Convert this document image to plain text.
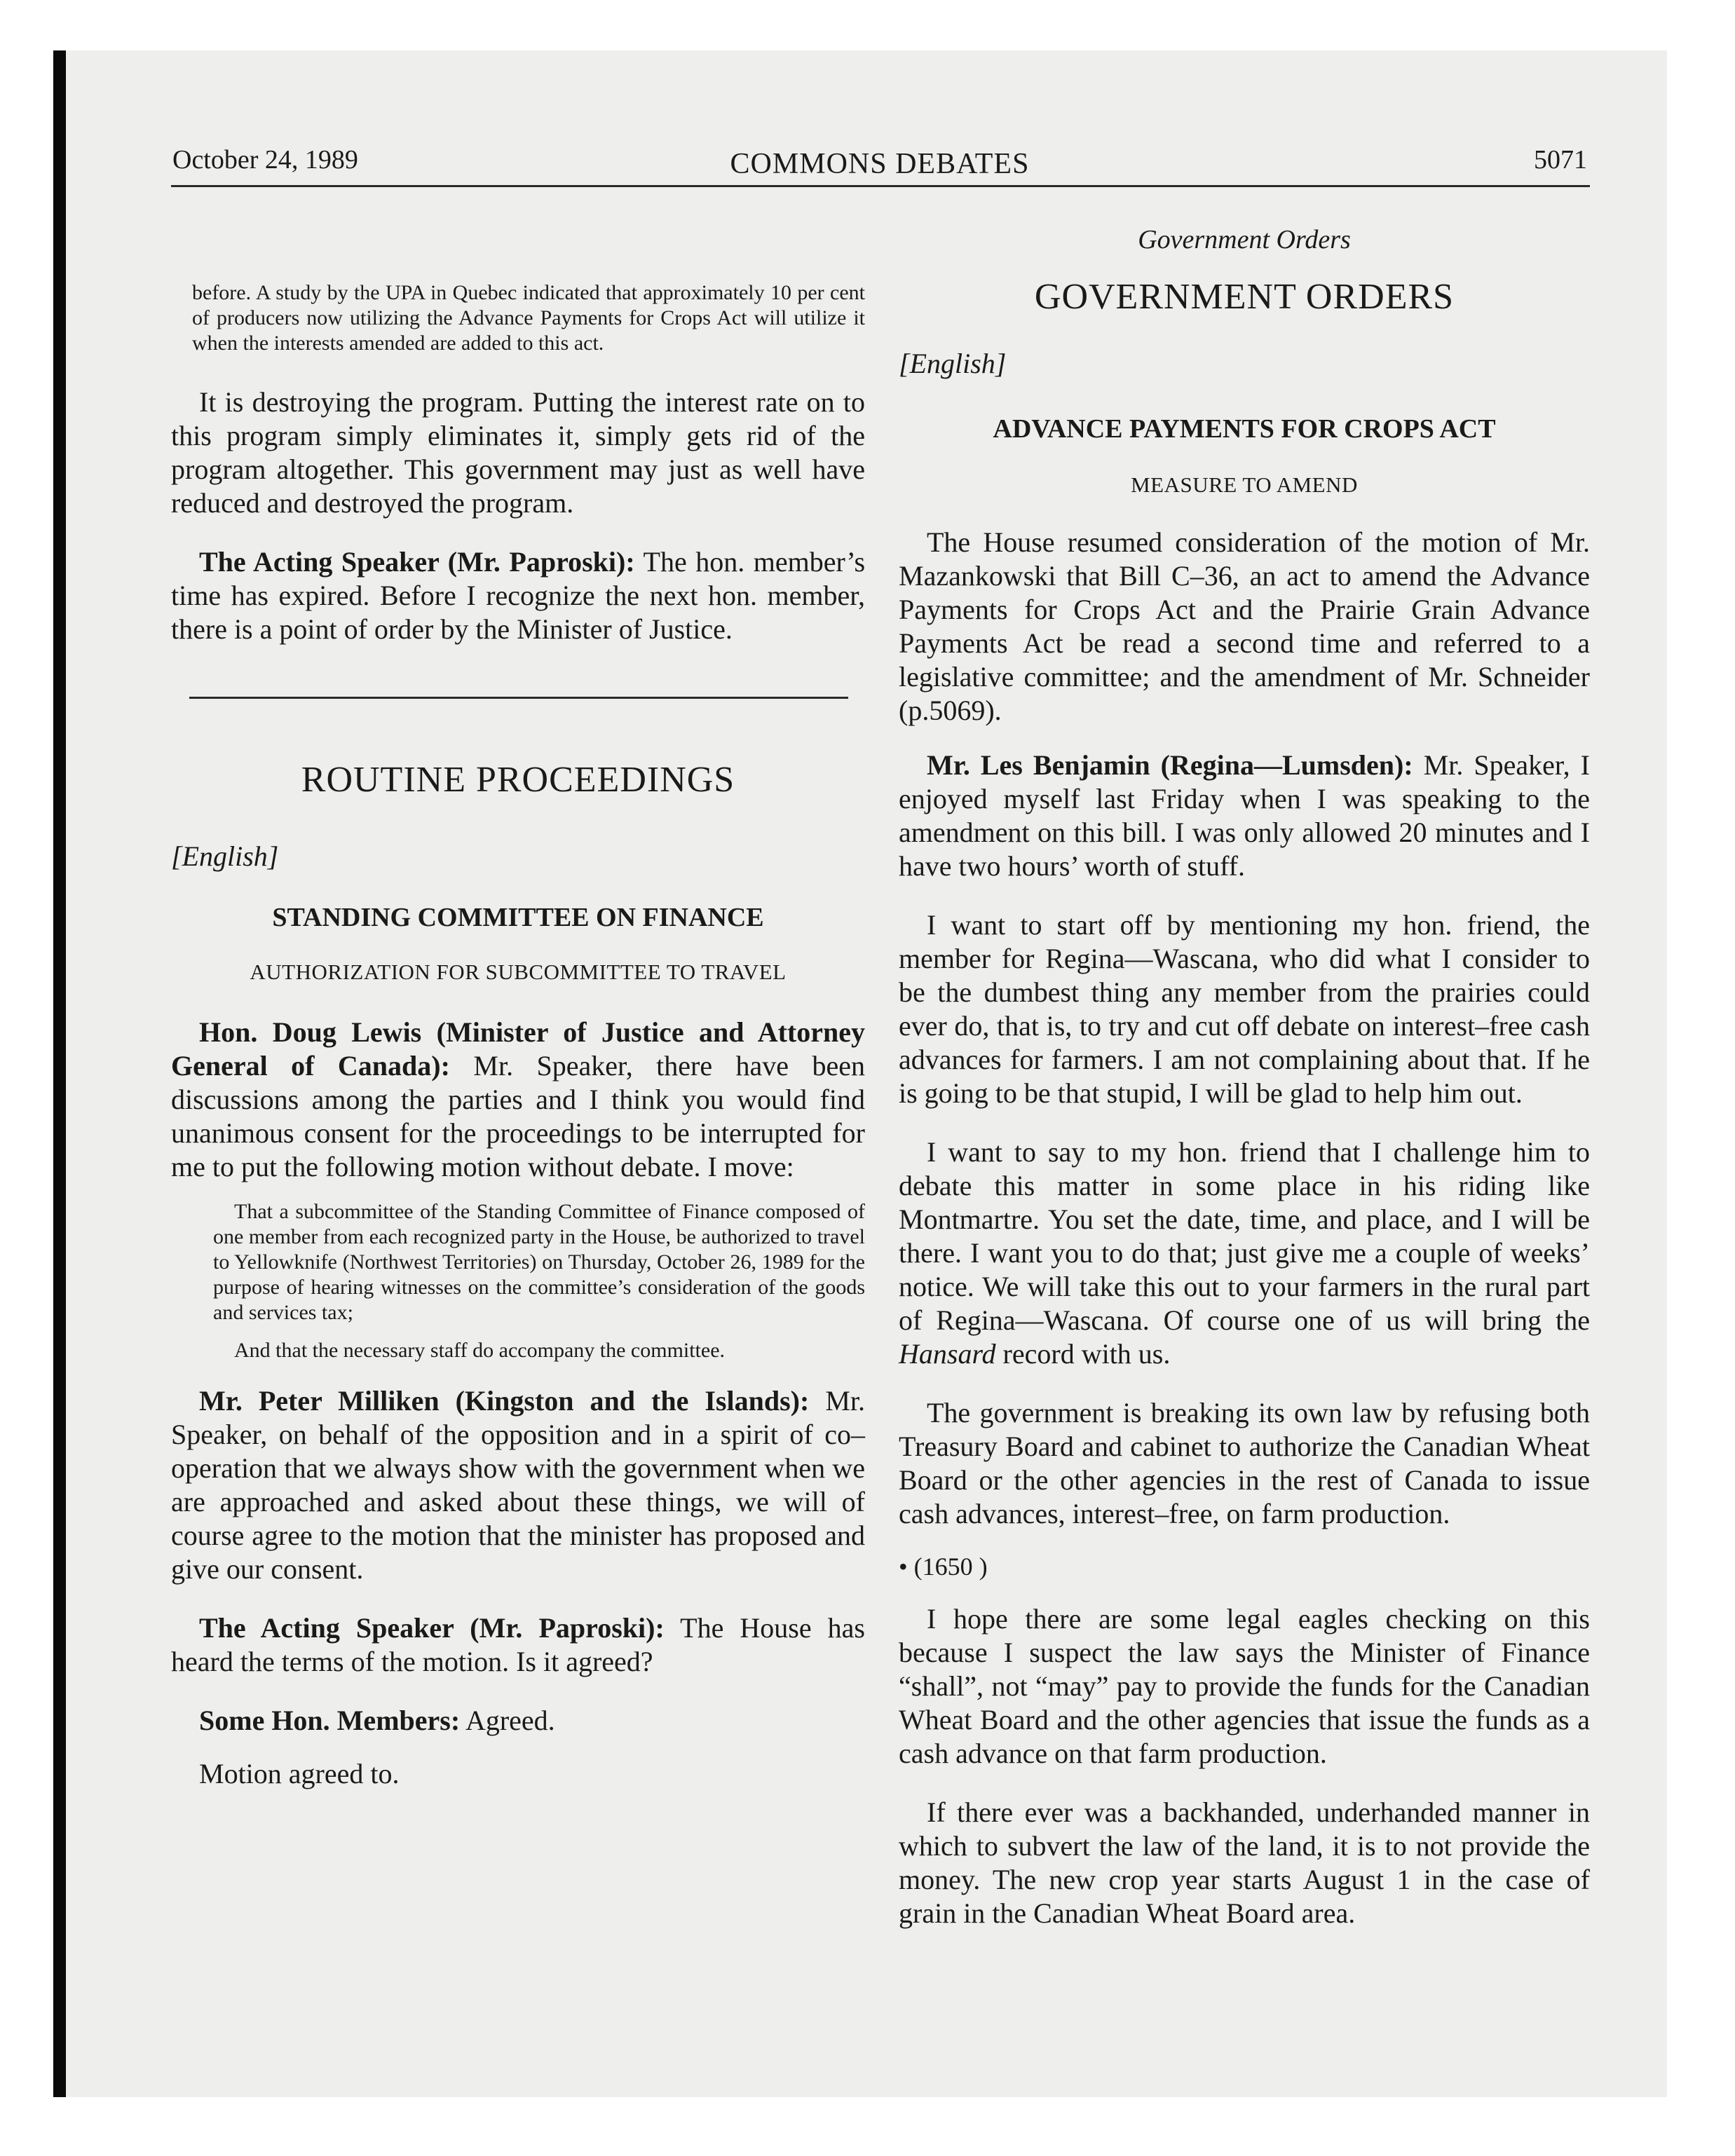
October 24, 1989	COMMONS DEBATES	5071

before. A study by the UPA in Quebec indicated that approximately 10 per cent of producers now utilizing the Advance Payments for Crops Act will utilize it when the interests amended are added to this act.

It is destroying the program. Putting the interest rate on to this program simply eliminates it, simply gets rid of the program altogether. This government may just as well have reduced and destroyed the program.

The Acting Speaker (Mr. Paproski): The hon. member’s time has expired. Before I recognize the next hon. member, there is a point of order by the Minister of Justice.

ROUTINE PROCEEDINGS

[English]

STANDING COMMITTEE ON FINANCE

AUTHORIZATION FOR SUBCOMMITTEE TO TRAVEL

Hon. Doug Lewis (Minister of Justice and Attorney General of Canada): Mr. Speaker, there have been discussions among the parties and I think you would find unanimous consent for the proceedings to be interrupted for me to put the following motion without debate. I move:

That a subcommittee of the Standing Committee of Finance composed of one member from each recognized party in the House, be authorized to travel to Yellowknife (Northwest Territories) on Thursday, October 26, 1989 for the purpose of hearing witnesses on the committee’s consideration of the goods and services tax;

And that the necessary staff do accompany the committee.

Mr. Peter Milliken (Kingston and the Islands): Mr. Speaker, on behalf of the opposition and in a spirit of co–operation that we always show with the government when we are approached and asked about these things, we will of course agree to the motion that the minister has proposed and give our consent.

The Acting Speaker (Mr. Paproski): The House has heard the terms of the motion. Is it agreed?

Some Hon. Members: Agreed.

Motion agreed to.

Government Orders

GOVERNMENT ORDERS

[English]

ADVANCE PAYMENTS FOR CROPS ACT

MEASURE TO AMEND

The House resumed consideration of the motion of Mr. Mazankowski that Bill C–36, an act to amend the Advance Payments for Crops Act and the Prairie Grain Advance Payments Act be read a second time and referred to a legislative committee; and the amendment of Mr. Schneider (p.5069).

Mr. Les Benjamin (Regina—Lumsden): Mr. Speaker, I enjoyed myself last Friday when I was speaking to the amendment on this bill. I was only allowed 20 minutes and I have two hours’ worth of stuff.

I want to start off by mentioning my hon. friend, the member for Regina—Wascana, who did what I consider to be the dumbest thing any member from the prairies could ever do, that is, to try and cut off debate on interest–free cash advances for farmers. I am not complaining about that. If he is going to be that stupid, I will be glad to help him out.

I want to say to my hon. friend that I challenge him to debate this matter in some place in his riding like Montmartre. You set the date, time, and place, and I will be there. I want you to do that; just give me a couple of weeks’ notice. We will take this out to your farmers in the rural part of Regina—Wascana. Of course one of us will bring the Hansard record with us.

The government is breaking its own law by refusing both Treasury Board and cabinet to authorize the Canadian Wheat Board or the other agencies in the rest of Canada to issue cash advances, interest–free, on farm production.

• (1650 )

I hope there are some legal eagles checking on this because I suspect the law says the Minister of Finance “shall”, not “may” pay to provide the funds for the Canadian Wheat Board and the other agencies that issue the funds as a cash advance on that farm production.

If there ever was a backhanded, underhanded manner in which to subvert the law of the land, it is to not provide the money. The new crop year starts August 1 in the case of grain in the Canadian Wheat Board area.
